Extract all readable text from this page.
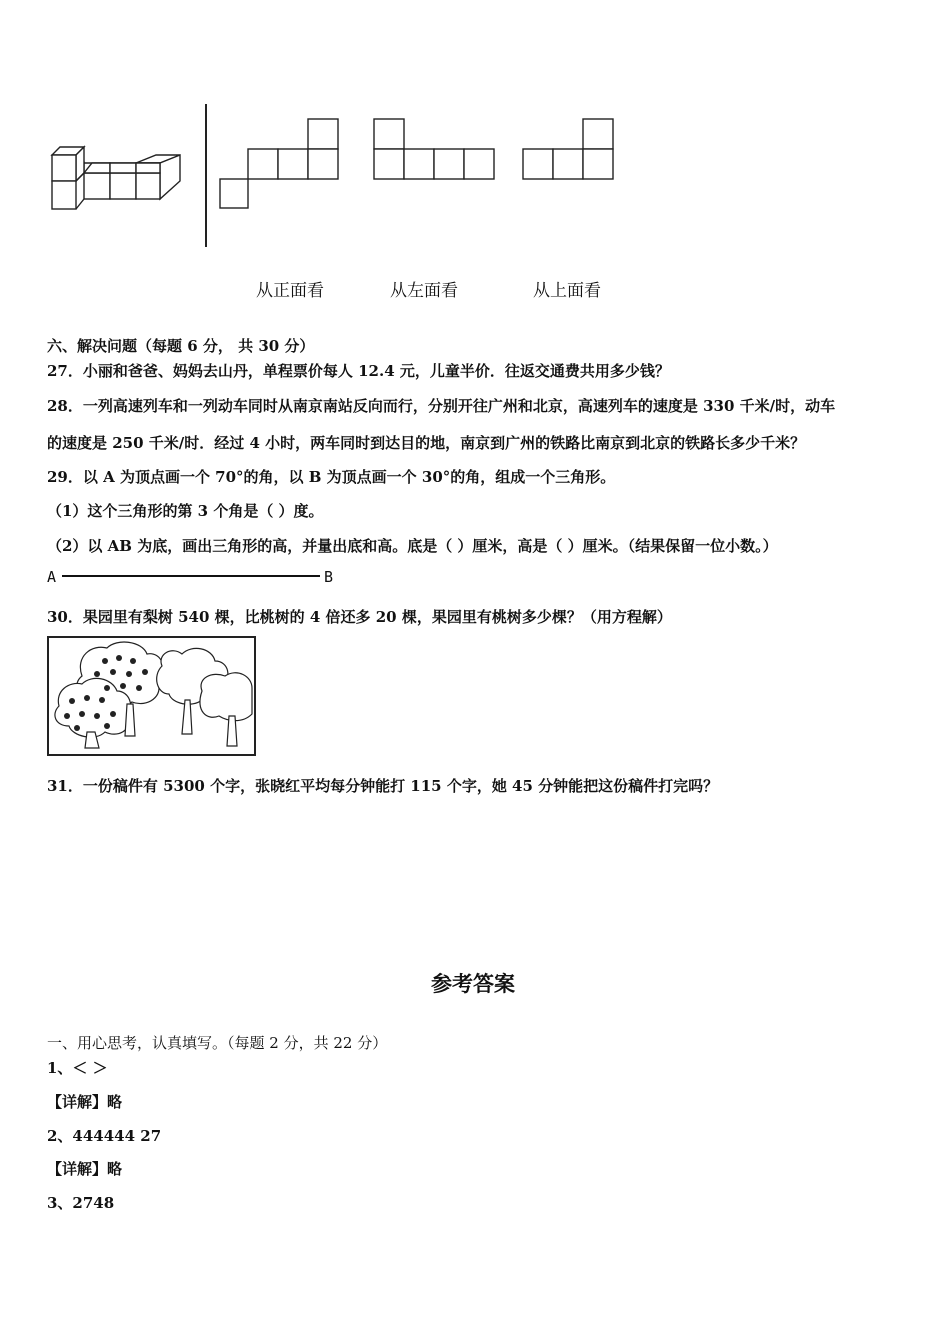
从正面看	从左面看	从上面看
六、解决问题（每题 6 分， 共 30 分）
27．小丽和爸爸、妈妈去山丹，单程票价每人 12.4 元，儿童半价．往返交通费共用多少钱？
28．一列高速列车和一列动车同时从南京南站反向而行，分别开往广州和北京，高速列车的速度是 330 千米/时，动车
的速度是 250 千米/时．经过 4 小时，两车同时到达目的地，南京到广州的铁路比南京到北京的铁路长多少千米？
29．以 A 为顶点画一个 70°的角，以 B 为顶点画一个 30°的角，组成一个三角形。
（1）这个三角形的第 3 个角是（ ）度。
（2）以 AB 为底，画出三角形的高，并量出底和高。底是（ ）厘米，高是（ ）厘米。（结果保留一位小数。）
A	B
30．果园里有梨树 540 棵，比桃树的 4 倍还多 20 棵，果园里有桃树多少棵？（用方程解）
31．一份稿件有 5300 个字，张晓红平均每分钟能打 115 个字，她 45 分钟能把这份稿件打完吗？
参考答案
一、用心思考，认真填写。（每题 2 分，共 22 分）
1、＜ ＞
【详解】略
2、444444 27
【详解】略
3、2748
